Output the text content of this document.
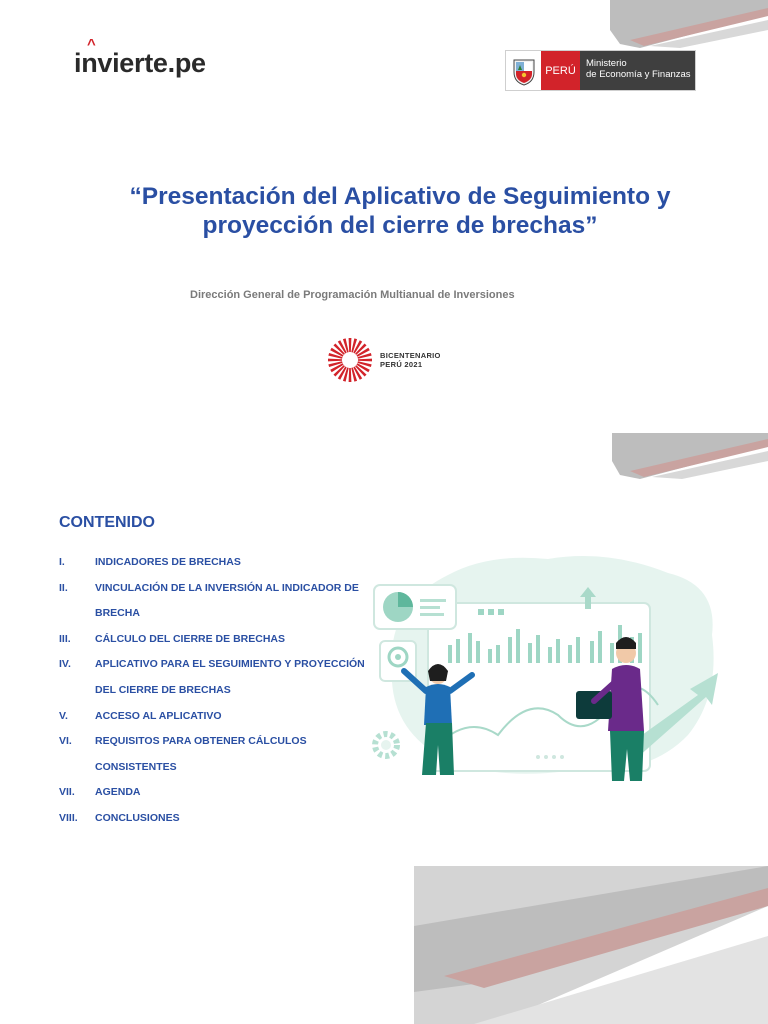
^
invierte.pe	PERÚ
Ministerio
de Economía y Finanzas
“Presentación del Aplicativo de Seguimiento y proyección del cierre de brechas”
Dirección General de Programación Multianual de Inversiones
BICENTENARIO
PERÚ 2021
CONTENIDO
I.	INDICADORES DE BRECHAS
II.	VINCULACIÓN DE LA INVERSIÓN AL INDICADOR DE BRECHA
III.	CÁLCULO DEL CIERRE DE BRECHAS
IV.	APLICATIVO PARA EL SEGUIMIENTO Y PROYECCIÓN DEL CIERRE DE BRECHAS
V.	ACCESO AL APLICATIVO
VI.	REQUISITOS PARA OBTENER CÁLCULOS CONSISTENTES
VII.	AGENDA
VIII.	CONCLUSIONES
